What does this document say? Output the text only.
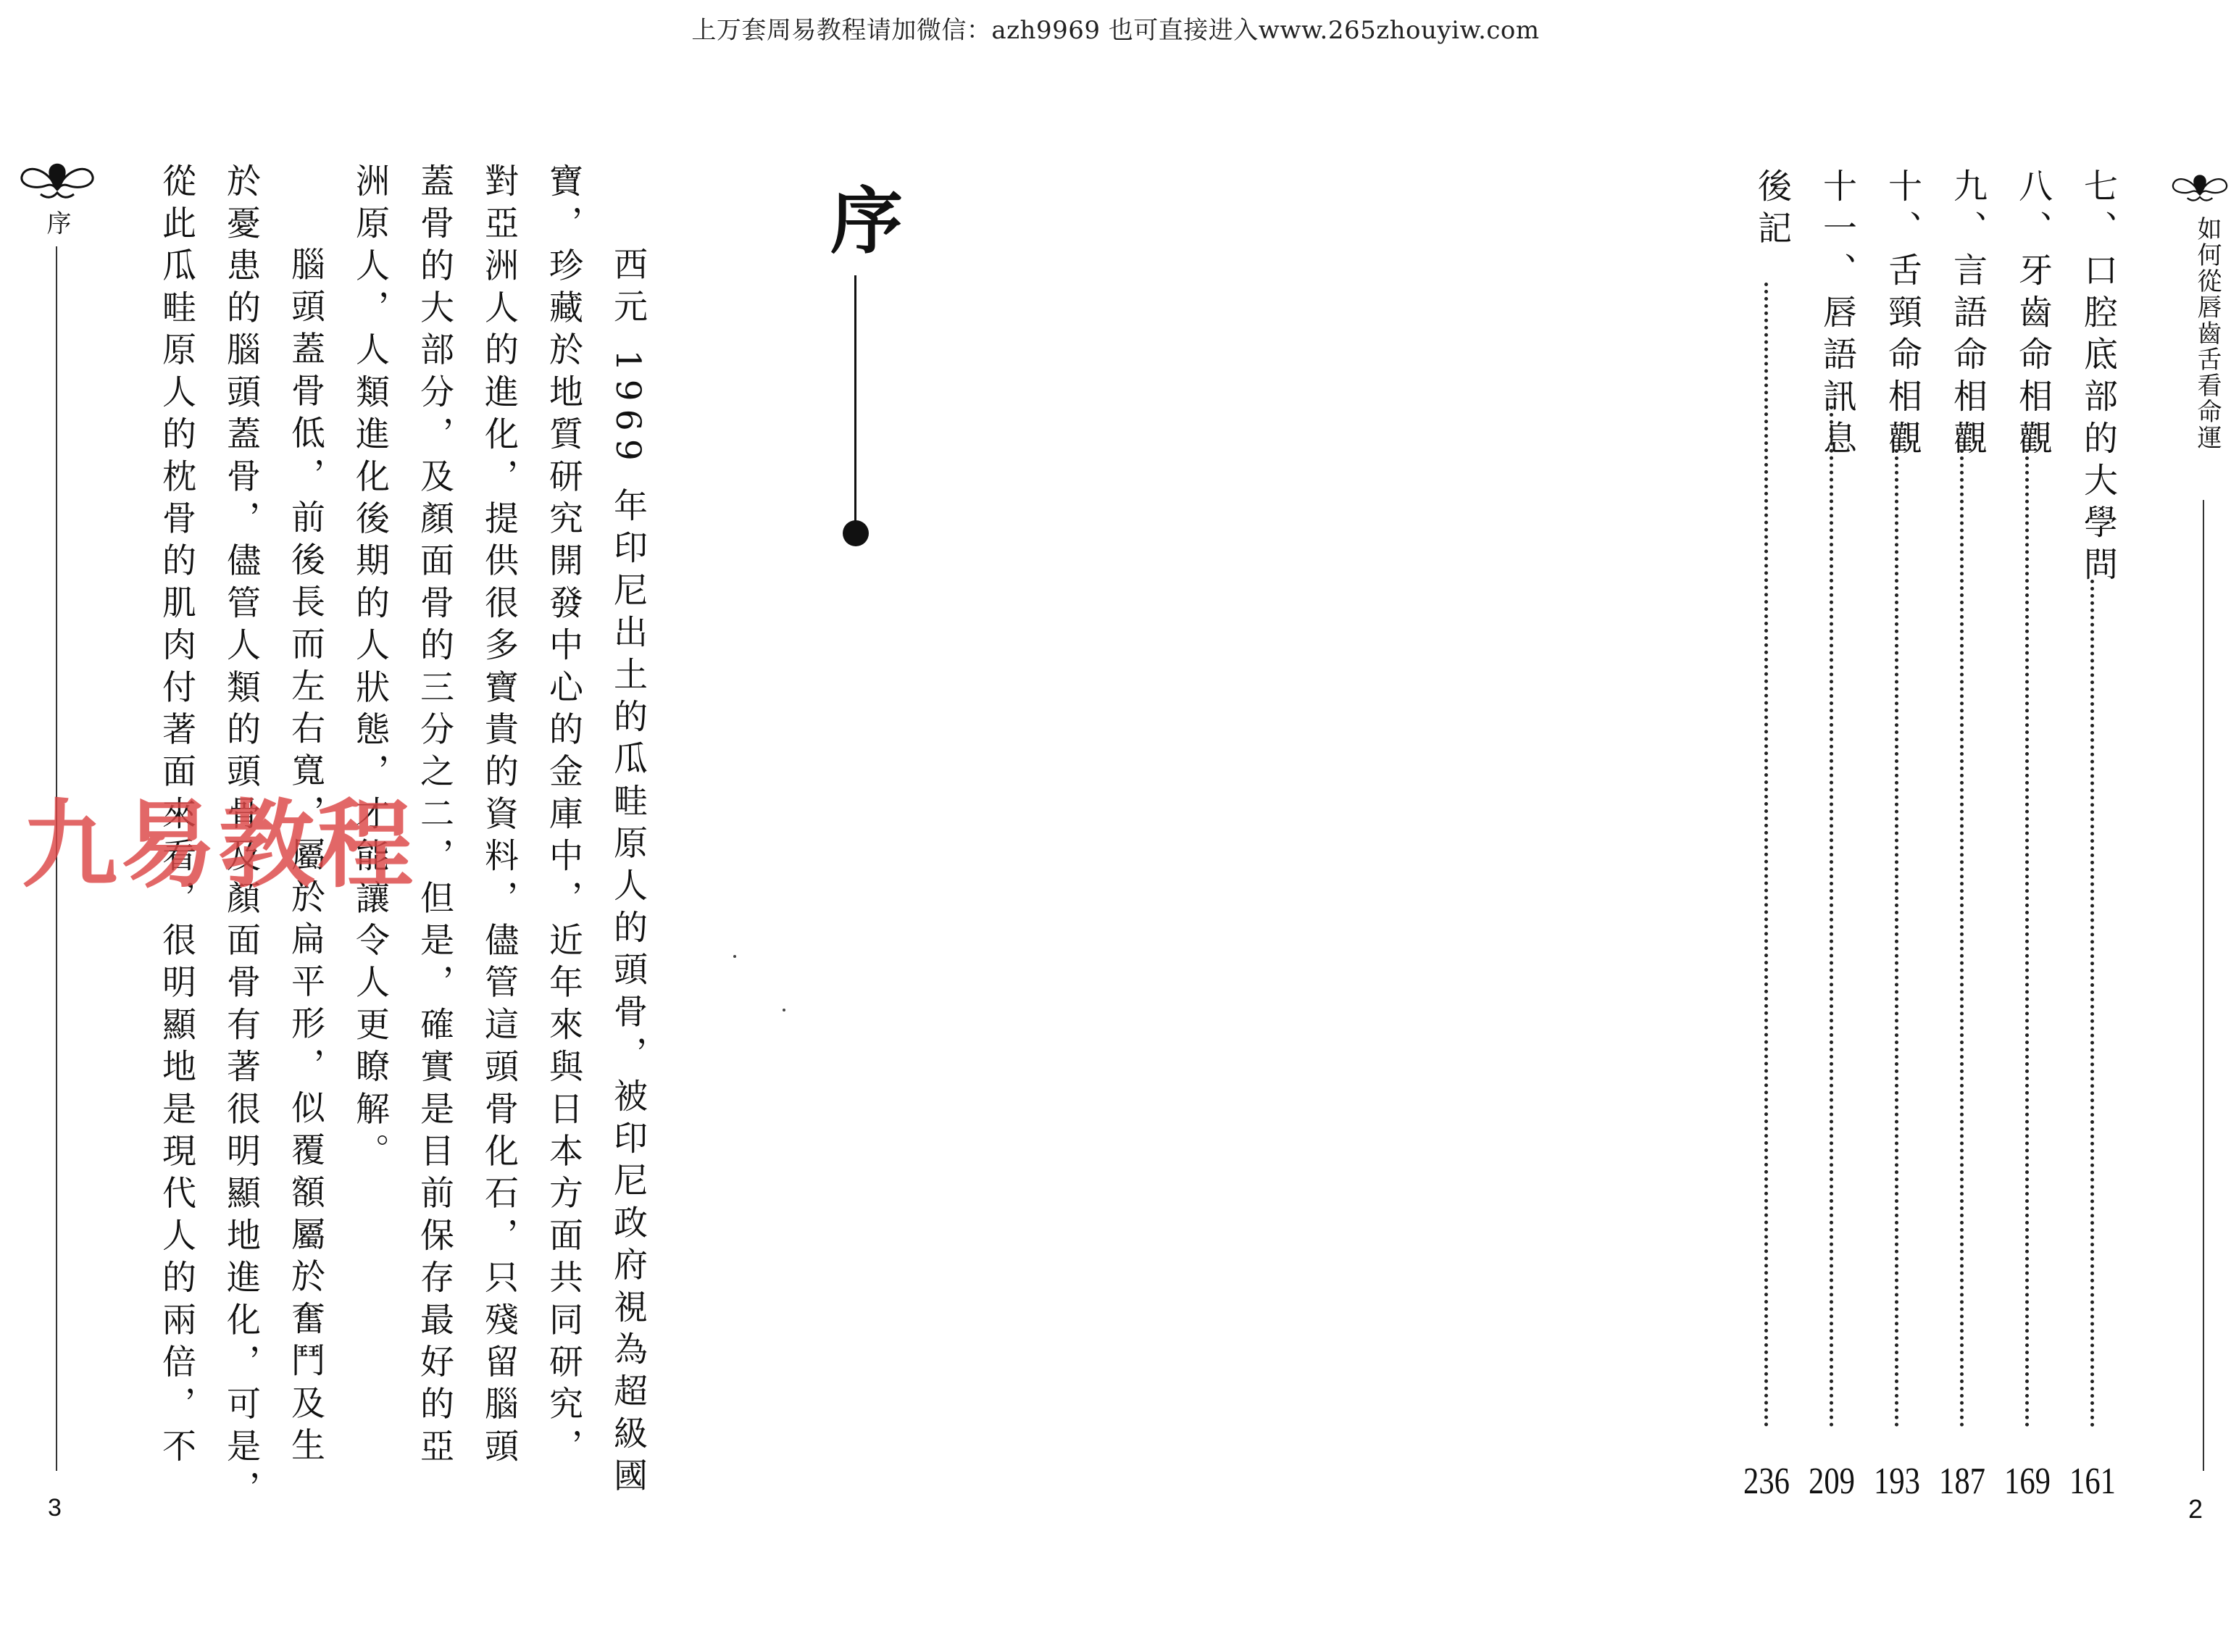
上万套周易教程请加微信：azh9969 也可直接进入www.265zhouyiw.com
序
3
序
西元 1969 年印尼出土的瓜畦原人的頭骨，被印尼政府視為超級國
寶，珍藏於地質研究開發中心的金庫中，近年來與日本方面共同研究，
對亞洲人的進化，提供很多寶貴的資料，儘管這頭骨化石，只殘留腦頭
蓋骨的大部分，及顏面骨的三分之二，但是，確實是目前保存最好的亞
洲原人，人類進化後期的人狀態，才能讓令人更瞭解。
腦頭蓋骨低，前後長而左右寬，屬於扁平形，似覆額屬於奮鬥及生
於憂患的腦頭蓋骨，儘管人類的頭骨及顏面骨有著很明顯地進化，可是，
從此瓜畦原人的枕骨的肌肉付著面來看，很明顯地是現代人的兩倍，不
九易教程
如何從唇齒舌看命運
2
七、口腔底部的大學問
161
八、牙齒命相觀
169
九、言語命相觀
187
十、舌頸命相觀
193
十一、唇語訊息
209
後記
236
